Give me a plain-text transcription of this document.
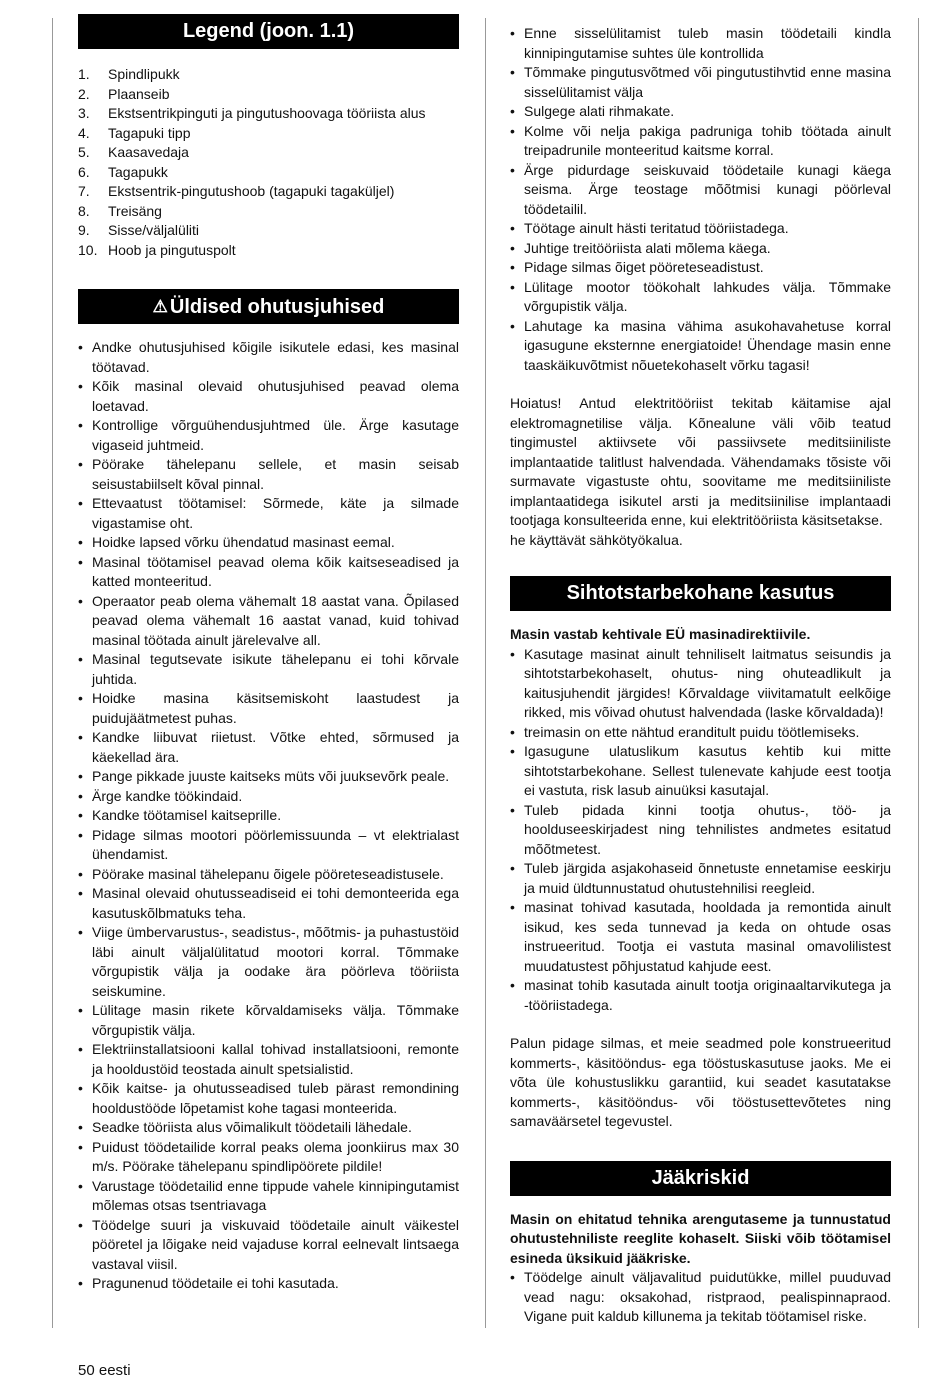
Legend (joon. 1.1)
1.	Spindlipukk
2.	Plaanseib
3.	Ekstsentrikpinguti ja pingutushoovaga tööriista alus
4.	Tagapuki tipp
5.	Kaasavedaja
6.	Tagapukk
7.	Ekstsentrik-pingutushoob (tagapuki tagaküljel)
8.	Treisäng
9.	Sisse/väljalüliti
10. Hoob ja pingutuspolt
⚠ Üldised ohutusjuhised
• Andke ohutusjuhised kõigile isikutele edasi, kes masinal töötavad.
• Kõik masinal olevaid ohutusjuhised peavad olema loetavad.
• Kontrollige võrguühendusjuhtmed üle. Ärge kasutage vigaseid juhtmeid.
• Pöörake tähelepanu sellele, et masin seisab seisustabiilselt kõval pinnal.
• Ettevaatust töötamisel: Sõrmede, käte ja silmade vigastamise oht.
• Hoidke lapsed võrku ühendatud masinast eemal.
• Masinal töötamisel peavad olema kõik kaitseseadised ja katted monteeritud.
• Operaator peab olema vähemalt 18 aastat vana. Õpilased peavad olema vähemalt 16 aastat vanad, kuid tohivad masinal töötada ainult järelevalve all.
• Masinal tegutsevate isikute tähelepanu ei tohi kõrvale juhtida.
• Hoidke masina käsitsemiskoht laastudest ja puidujäätmetest puhas.
• Kandke liibuvat riietust. Võtke ehted, sõrmused ja käekellad ära.
• Pange pikkade juuste kaitseks müts või juuksevõrk peale.
• Ärge kandke töökindaid.
• Kandke töötamisel kaitseprille.
• Pidage silmas mootori pöörlemissuunda – vt elektrialast ühendamist.
• Pöörake masinal tähelepanu õigele pööreteseadistusele.
• Masinal olevaid ohutusseadiseid ei tohi demonteerida ega kasutuskõlbmatuks teha.
• Viige ümbervarustus-, seadistus-, mõõtmis- ja puhastustöid läbi ainult väljalülitatud mootori korral. Tõmmake võrgupistik välja ja oodake ära pöörleva tööriista seiskumine.
• Lülitage masin rikete kõrvaldamiseks välja. Tõmmake võrgupistik välja.
• Elektriinstallatsiooni kallal tohivad installatsiooni, remonte ja hooldustöid teostada ainult spetsialistid.
• Kõik kaitse- ja ohutusseadised tuleb pärast remondining hooldustööde lõpetamist kohe tagasi monteerida.
• Seadke tööriista alus võimalikult töödetaili lähedale.
• Puidust töödetailide korral peaks olema joonkiirus max 30 m/s. Pöörake tähelepanu spindlipöörete pildile!
• Varustage töödetailid enne tippude vahele kinnipingutamist mõlemas otsas tsentriavaga
• Töödelge suuri ja viskuvaid töödetaile ainult väikestel pööretel ja lõigake neid vajaduse korral eelnevalt lintsaega vastaval viisil.
• Pragunenud töödetaile ei tohi kasutada.
• Enne sisselülitamist tuleb masin töödetaili kindla kinnipingutamise suhtes üle kontrollida
• Tõmmake pingutusvõtmed või pingutustihvtid enne masina sisselülitamist välja
• Sulgege alati rihmakate.
• Kolme või nelja pakiga padruniga tohib töötada ainult treipadrunile monteeritud kaitsme korral.
• Ärge pidurdage seiskuvaid töödetaile kunagi käega seisma. Ärge teostage mõõtmisi kunagi pöörleval töödetailil.
• Töötage ainult hästi teritatud tööriistadega.
• Juhtige treitööriista alati mõlema käega.
• Pidage silmas õiget pööreteseadistust.
• Lülitage mootor töökohalt lahkudes välja. Tõmmake võrgupistik välja.
• Lahutage ka masina vähima asukohavahetuse korral igasugune eksternne energiatoide! Ühendage masin enne taaskäikuvõtmist nõuetekohaselt võrku tagasi!

Hoiatus! Antud elektritööriist tekitab käitamise ajal elektromagnetilise välja. Kõnealune väli võib teatud tingimustel aktiivsete või passiivsete meditsiiniliste implantaatide talitlust halvendada. Vähendamaks tõsiste või surmavate vigastuste ohtu, soovitame me meditsiiniliste implantaatidega isikutel arsti ja meditsiinilise implantaadi tootjaga konsulteerida enne, kui elektritööriista käsitsetakse.

he käyttävät sähkötyökalua.

Sihtotstarbekohane kasutus

Masin vastab kehtivale EÜ masinadirektiivile.

• Kasutage masinat ainult tehniliselt laitmatus seisundis ja sihtotstarbekohaselt, ohutus- ning ohuteadlikult ja kaitusjuhendit järgides! Kõrvaldage viivitamatult eelkõige rikked, mis võivad ohutust halvendada (laske kõrvaldada)!
• treimasin on ette nähtud eranditult puidu töötlemiseks.
• Igasugune ulatuslikum kasutus kehtib kui mitte sihtotstarbekohane. Sellest tulenevate kahjude eest tootja ei vastuta, risk lasub ainuüksi kasutajal.
• Tuleb pidada kinni tootja ohutus-, töö- ja hoolduseeskirjadest ning tehnilistes andmetes esitatud mõõtmetest.
• Tuleb järgida asjakohaseid õnnetuste ennetamise eeskirju ja muid üldtunnustatud ohutustehnilisi reegleid.
• masinat tohivad kasutada, hooldada ja remontida ainult isikud, kes seda tunnevad ja keda on ohtude osas instrueeritud. Tootja ei vastuta masinal omavolilistest muudatustest põhjustatud kahjude eest.
• masinat tohib kasutada ainult tootja originaaltarvikutega ja -tööriistadega.

Palun pidage silmas, et meie seadmed pole konstrueeritud kommerts-, käsitööndus- ega tööstuskasutuse jaoks. Me ei võta üle kohustuslikku garantiid, kui seadet kasutatakse kommerts-, käsitööndus- või tööstusettevõtetes ning samaväärsetel tegevustel.

Jääkriskid

Masin on ehitatud tehnika arengutaseme ja tunnustatud ohutustehniliste reeglite kohaselt. Siiski võib töötamisel esineda üksikuid jääkriske.

• Töödelge ainult väljavalitud puidutükke, millel puuduvad vead nagu: oksakohad, ristpraod, pealispinnapraod. Vigane puit kaldub killunema ja tekitab töötamisel riske.
50 eesti
